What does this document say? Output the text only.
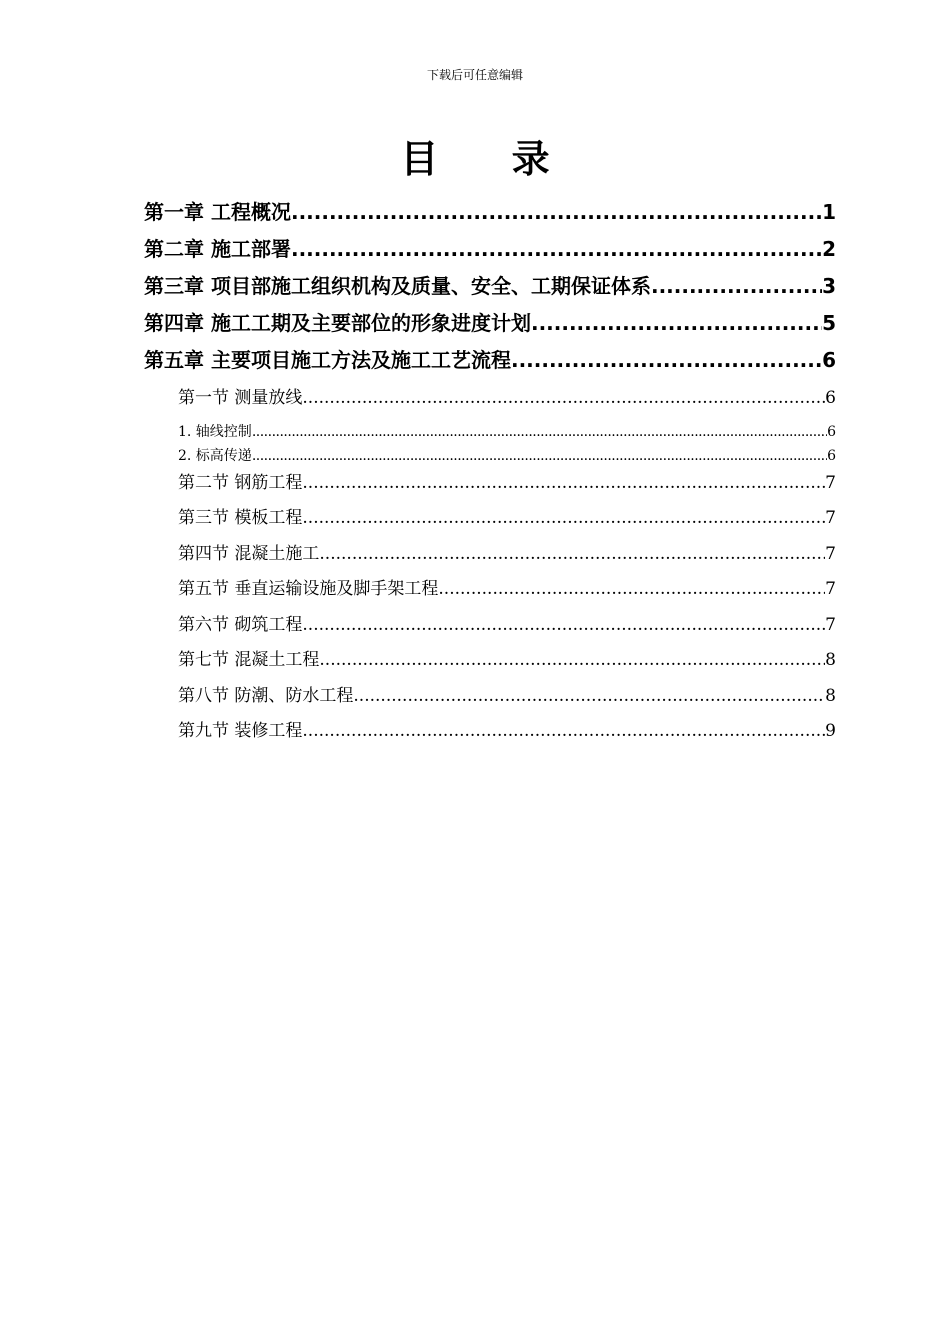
下载后可任意编辑
目 录
第一章 工程概况 .....	1
第二章 施工部署 .....	2
第三章 项目部施工组织机构及质量、安全、工期保证体系 .....	3
第四章 施工工期及主要部位的形象进度计划 .....	5
第五章 主要项目施工方法及施工工艺流程 .....	6
第一节 测量放线 .....	6
1. 轴线控制 .....	6
2. 标高传递 .....	6
第二节 钢筋工程 .....	7
第三节 模板工程 .....	7
第四节 混凝土施工 .....	7
第五节 垂直运输设施及脚手架工程 .....	7
第六节 砌筑工程 .....	7
第七节 混凝土工程 .....	8
第八节 防潮、防水工程 .....	8
第九节 装修工程 .....	9
